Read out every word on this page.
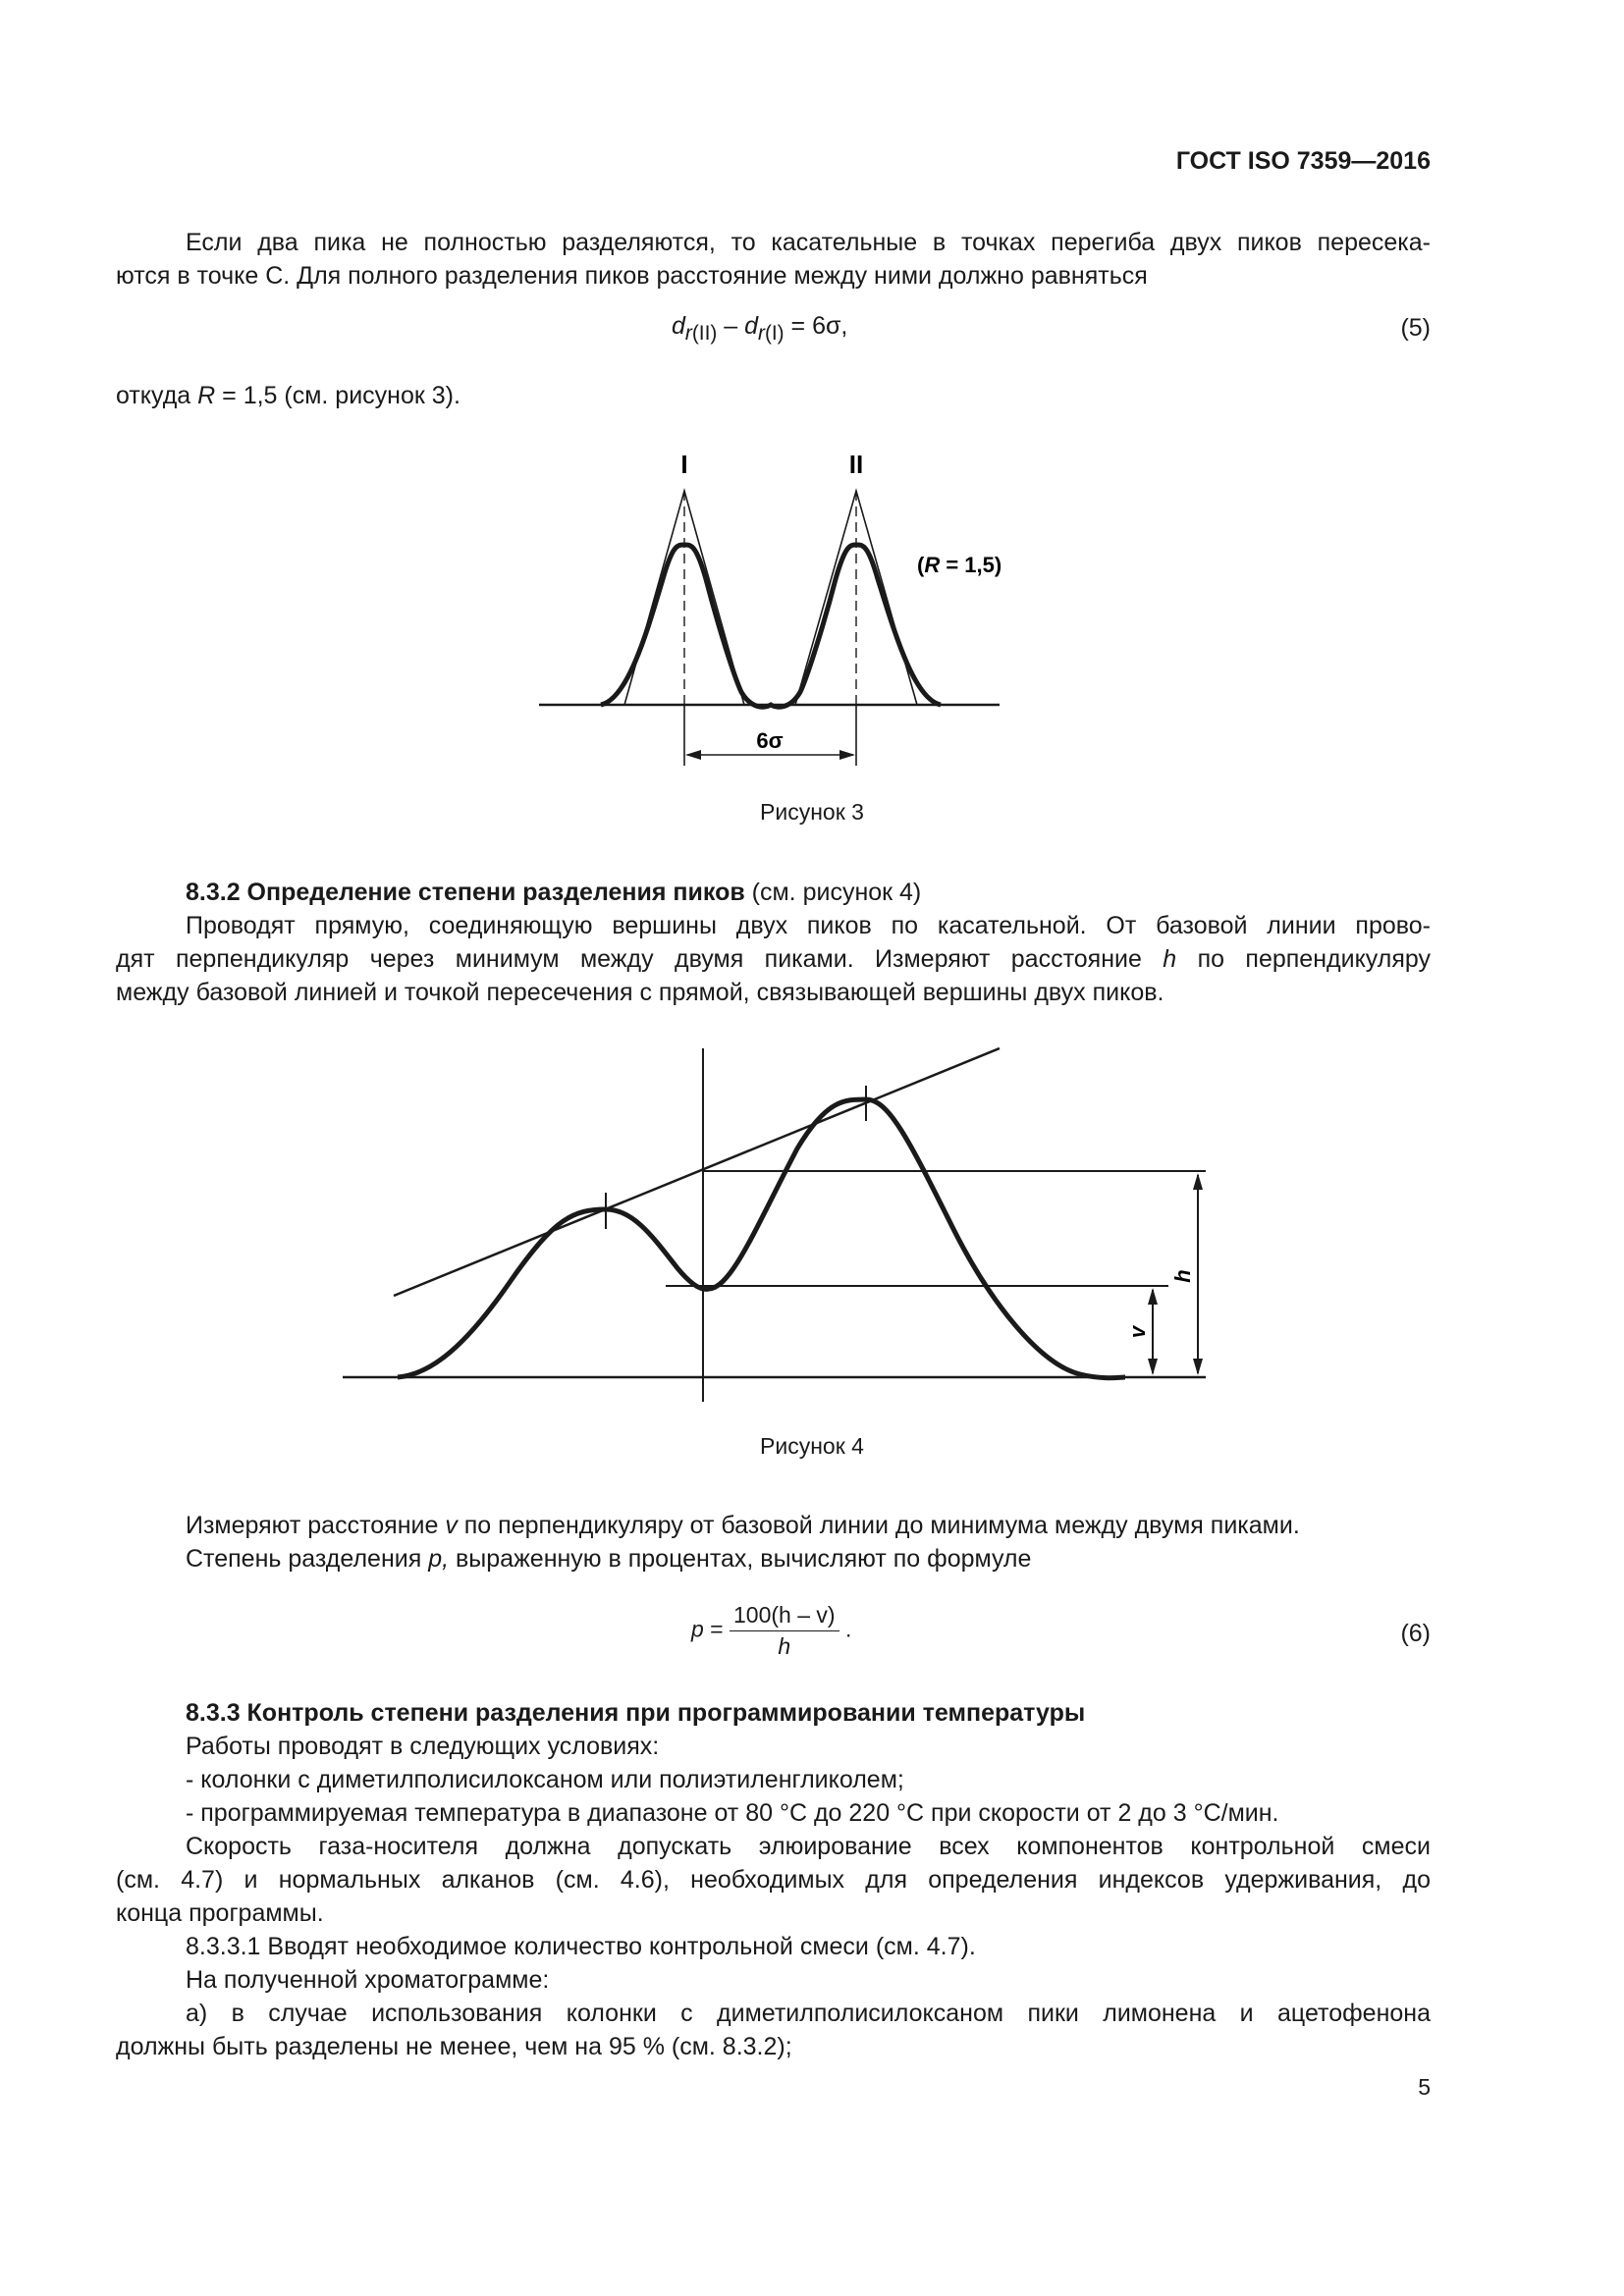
ГОСТ ISO 7359—2016
Если два пика не полностью разделяются, то касательные в точках перегиба двух пиков пересека-
ются в точке С. Для полного разделения пиков расстояние между ними должно равняться
$d_{r(II)} - d_{r(I)} = 6\sigma$,	(5)
откуда R = 1,5 (см. рисунок 3).
I	II
(R = 1,5)
6σ
Рисунок 3
8.3.2 Определение степени разделения пиков (см. рисунок 4)
Проводят прямую, соединяющую вершины двух пиков по касательной. От базовой линии прово-
дят перпендикуляр через минимум между двумя пиками. Измеряют расстояние h по перпендикуляру
между базовой линией и точкой пересечения с прямой, связывающей вершины двух пиков.
h
v
Рисунок 4
Измеряют расстояние v по перпендикуляру от базовой линии до минимума между двумя пиками.
Степень разделения p, выраженную в процентах, вычисляют по формуле
$p = \frac{100(h - v)}{h}$ .	(6)
8.3.3 Контроль степени разделения при программировании температуры
Работы проводят в следующих условиях:
- колонки с диметилполисилоксаном или полиэтиленгликолем;
- программируемая температура в диапазоне от 80 °С до 220 °С при скорости от 2 до 3 °С/мин.
Скорость газа-носителя должна допускать элюирование всех компонентов контрольной смеси
(см. 4.7) и нормальных алканов (см. 4.6), необходимых для определения индексов удерживания, до
конца программы.
8.3.3.1 Вводят необходимое количество контрольной смеси (см. 4.7).
На полученной хроматограмме:
а) в случае использования колонки с диметилполисилоксаном пики лимонена и ацетофенона
должны быть разделены не менее, чем на 95 % (см. 8.3.2);
5
